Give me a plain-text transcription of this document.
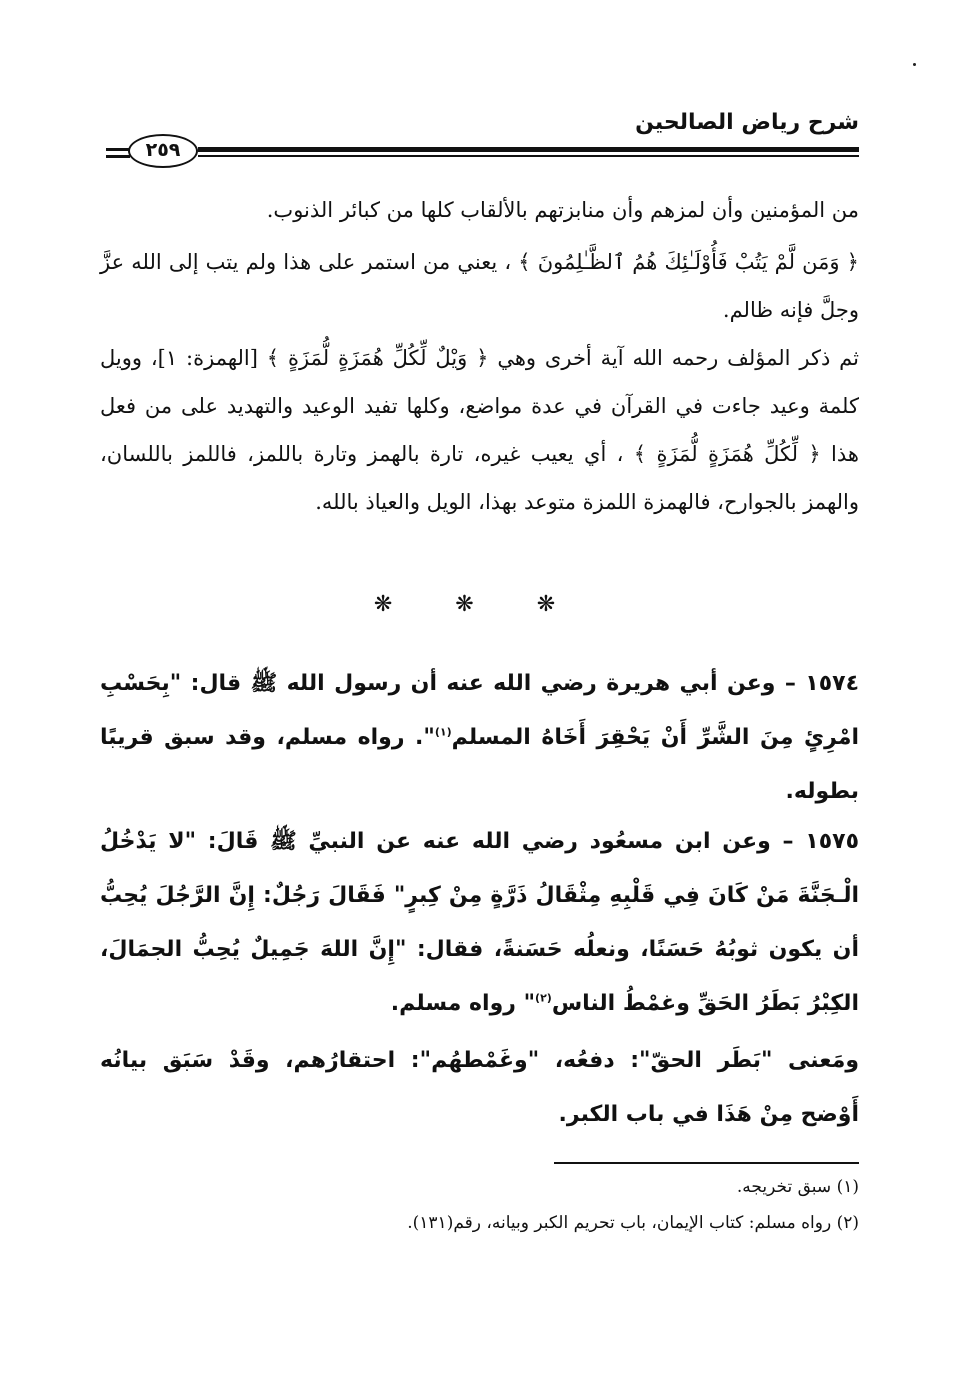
شرح رياض الصالحين
٢٥٩

من المؤمنين وأن لمزهم وأن منابزتهم بالألقاب كلها من كبائر الذنوب.

﴿ وَمَن لَّمْ يَتُبْ فَأُوْلَـٰئِكَ هُمُ ٱلظَّـٰلِمُونَ ﴾ ، يعني من استمر على هذا ولم يتب إلى الله عزَّ وجلَّ فإنه ظالم.

ثم ذكر المؤلف رحمه الله آية أخرى وهي ﴿ وَيْلٌ لِّكُلِّ هُمَزَةٍ لُّمَزَةٍ ﴾ [الهمزة: ١]، وويل كلمة وعيد جاءت في القرآن في عدة مواضع، وكلها تفيد الوعيد والتهديد على من فعل هذا ﴿ لِّكُلِّ هُمَزَةٍ لُّمَزَةٍ ﴾ ، أي يعيب غيره، تارة بالهمز وتارة باللمز، فاللمز باللسان، والهمز بالجوارح، فالهمزة اللمزة متوعد بهذا، الويل والعياذ بالله.

❋ ❋ ❋

١٥٧٤ – وعن أبي هريرة رضي الله عنه أن رسول الله ﷺ قال: "بِحَسْبِ امْرِئٍ مِنَ الشَّرِّ أَنْ يَحْقِرَ أَخَاهُ المسلم$^{(١)}$". رواه مسلم، وقد سبق قريبًا بطوله.

١٥٧٥ – وعن ابن مسعُود رضي الله عنه عن النبيِّ ﷺ قَالَ: "لا يَدْخُلُ الْـجَنَّةَ مَنْ كَانَ فِي قَلْبِهِ مِثْقَالُ ذَرَّةٍ مِنْ كِبرٍ" فَقَالَ رَجُلٌ: إِنَّ الرَّجُلَ يُحِبُّ أن يكون ثوبُهُ حَسَنًا، ونعلُه حَسَنةً، فقال: "إِنَّ اللهَ جَمِيلٌ يُحِبُّ الجمَالَ، الكِبْرُ بَطَرُ الحَقِّ وغمْطُ الناس$^{(٢)}$" رواه مسلم.

ومَعنى "بَطَر الحقّ": دفعُه، "وغَمْطهُم": احتقارُهم، وقَدْ سَبَق بيانُه أَوْضح مِنْ هَذَا في باب الكبر.

(١) سبق تخريجه.

(٢) رواه مسلم: كتاب الإيمان، باب تحريم الكبر وبيانه، رقم(١٣١).
